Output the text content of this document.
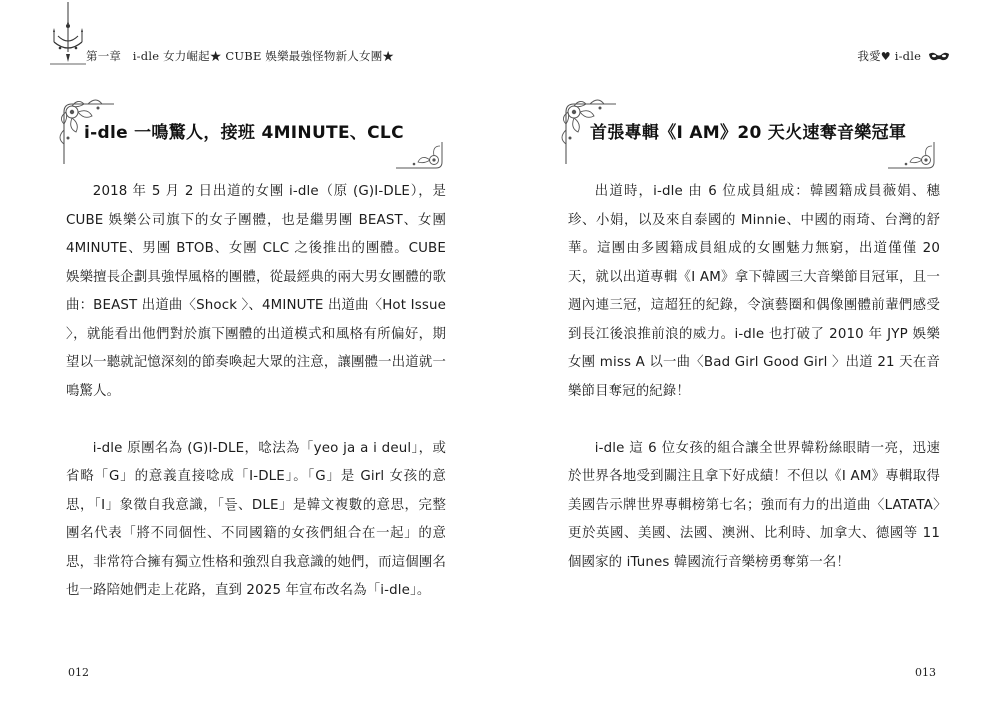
第一章　i-dle 女力崛起★ CUBE 娛樂最強怪物新人女團★
i-dle 一鳴驚人，接班 4MINUTE、CLC

2018 年 5 月 2 日出道的女團 i-dle（原 (G)I-DLE），是 CUBE 娛樂公司旗下的女子團體，也是繼男團 BEAST、女團 4MINUTE、男團 BTOB、女團 CLC 之後推出的團體。CUBE 娛樂擅長企劃具強悍風格的團體，從最經典的兩大男女團體的歌曲：BEAST 出道曲〈Shock 〉、4MINUTE 出道曲〈Hot Issue 〉，就能看出他們對於旗下團體的出道模式和風格有所偏好，期望以一聽就記憶深刻的節奏喚起大眾的注意，讓團體一出道就一鳴驚人。

i-dle 原團名為 (G)I-DLE，唸法為「yeo ja a i deul」，或省略「G」的意義直接唸成「I-DLE」。「G」是 Girl 女孩的意思，「I」象徵自我意識，「들、DLE」是韓文複數的意思，完整團名代表「將不同個性、不同國籍的女孩們組合在一起」的意思，非常符合擁有獨立性格和強烈自我意識的她們，而這個團名也一路陪她們走上花路，直到 2025 年宣布改名為「i-dle」。

012
我愛♥ i-dle
首張專輯《I AM》20 天火速奪音樂冠軍

出道時，i-dle 由 6 位成員組成：韓國籍成員薇娟、穗珍、小娟，以及來自泰國的 Minnie、中國的雨琦、台灣的舒華。這團由多國籍成員組成的女團魅力無窮，出道僅僅 20 天，就以出道專輯《I AM》拿下韓國三大音樂節目冠軍，且一週內連三冠，這超狂的紀錄，令演藝圈和偶像團體前輩們感受到長江後浪推前浪的威力。i-dle 也打破了 2010 年 JYP 娛樂女團 miss A 以一曲〈Bad Girl Good Girl 〉出道 21 天在音樂節目奪冠的紀錄！

i-dle 這 6 位女孩的組合讓全世界韓粉絲眼睛一亮，迅速於世界各地受到關注且拿下好成績！不但以《I AM》專輯取得美國告示牌世界專輯榜第七名；強而有力的出道曲〈LATATA〉更於英國、美國、法國、澳洲、比利時、加拿大、德國等 11 個國家的 iTunes 韓國流行音樂榜勇奪第一名！

013
